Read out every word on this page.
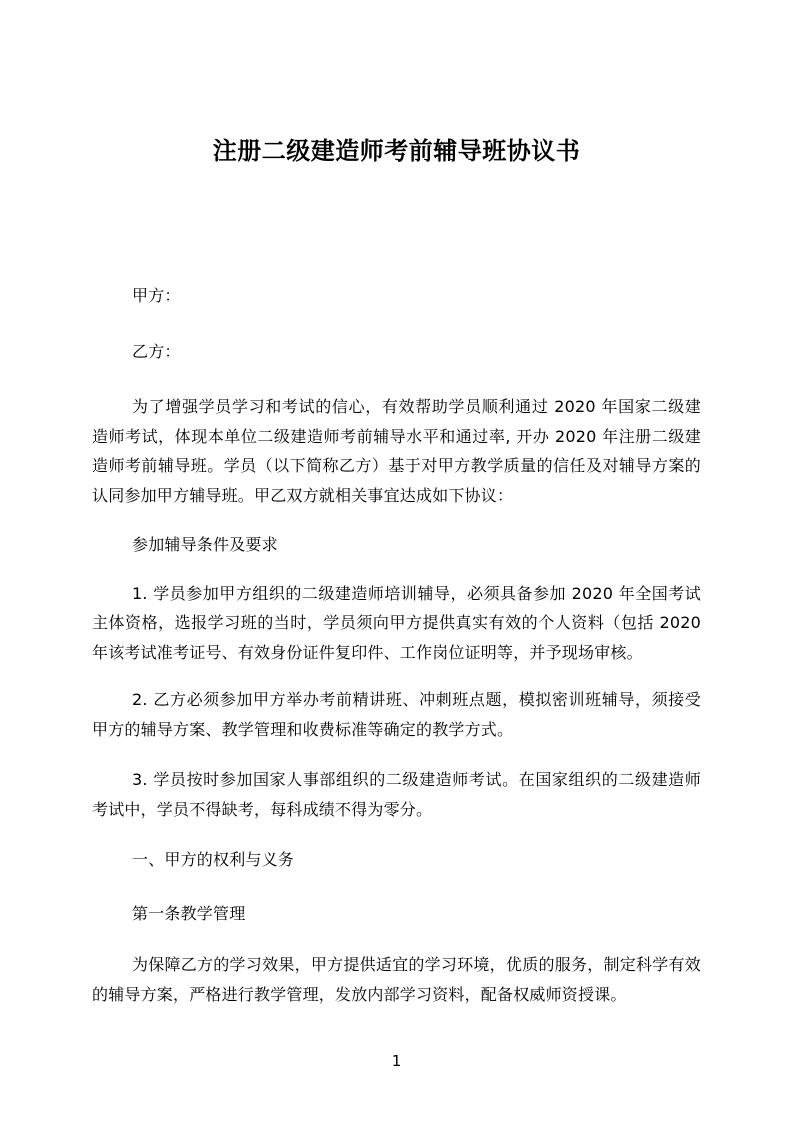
注册二级建造师考前辅导班协议书

甲方：

乙方：

为了增强学员学习和考试的信心，有效帮助学员顺利通过 2020 年国家二级建造师考试，体现本单位二级建造师考前辅导水平和通过率, 开办 2020 年注册二级建造师考前辅导班。学员（以下简称乙方）基于对甲方教学质量的信任及对辅导方案的认同参加甲方辅导班。甲乙双方就相关事宜达成如下协议：

参加辅导条件及要求

1. 学员参加甲方组织的二级建造师培训辅导，必须具备参加 2020 年全国考试主体资格，选报学习班的当时，学员须向甲方提供真实有效的个人资料（包括 2020 年该考试准考证号、有效身份证件复印件、工作岗位证明等，并予现场审核。

2. 乙方必须参加甲方举办考前精讲班、冲刺班点题，模拟密训班辅导，须接受甲方的辅导方案、教学管理和收费标准等确定的教学方式。

3. 学员按时参加国家人事部组织的二级建造师考试。在国家组织的二级建造师考试中，学员不得缺考，每科成绩不得为零分。

一、甲方的权利与义务

第一条教学管理

为保障乙方的学习效果，甲方提供适宜的学习环境，优质的服务，制定科学有效的辅导方案，严格进行教学管理，发放内部学习资料，配备权威师资授课。

1
